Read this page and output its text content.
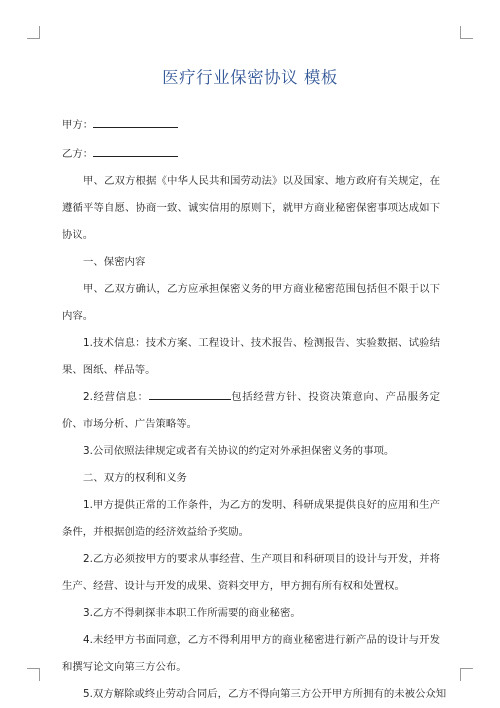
医疗行业保密协议 模板
甲方：
乙方：
甲、乙双方根据《中华人民共和国劳动法》以及国家、地方政府有关规定，在遵循平等自愿、协商一致、诚实信用的原则下，就甲方商业秘密保密事项达成如下协议。
一、保密内容
甲、乙双方确认，乙方应承担保密义务的甲方商业秘密范围包括但不限于以下内容。
1.技术信息：技术方案、工程设计、技术报告、检测报告、实验数据、试验结果、图纸、样品等。
2.经营信息：	包括经营方针、投资决策意向、产品服务定价、市场分析、广告策略等。
3.公司依照法律规定或者有关协议的约定对外承担保密义务的事项。
二、双方的权利和义务
1.甲方提供正常的工作条件，为乙方的发明、科研成果提供良好的应用和生产条件，并根据创造的经济效益给予奖励。
2.乙方必须按甲方的要求从事经营、生产项目和科研项目的设计与开发，并将生产、经营、设计与开发的成果、资料交甲方，甲方拥有所有权和处置权。
3.乙方不得刺探非本职工作所需要的商业秘密。
4.未经甲方书面同意，乙方不得利用甲方的商业秘密进行新产品的设计与开发和撰写论文向第三方公布。
5.双方解除或终止劳动合同后，乙方不得向第三方公开甲方所拥有的未被公众知
